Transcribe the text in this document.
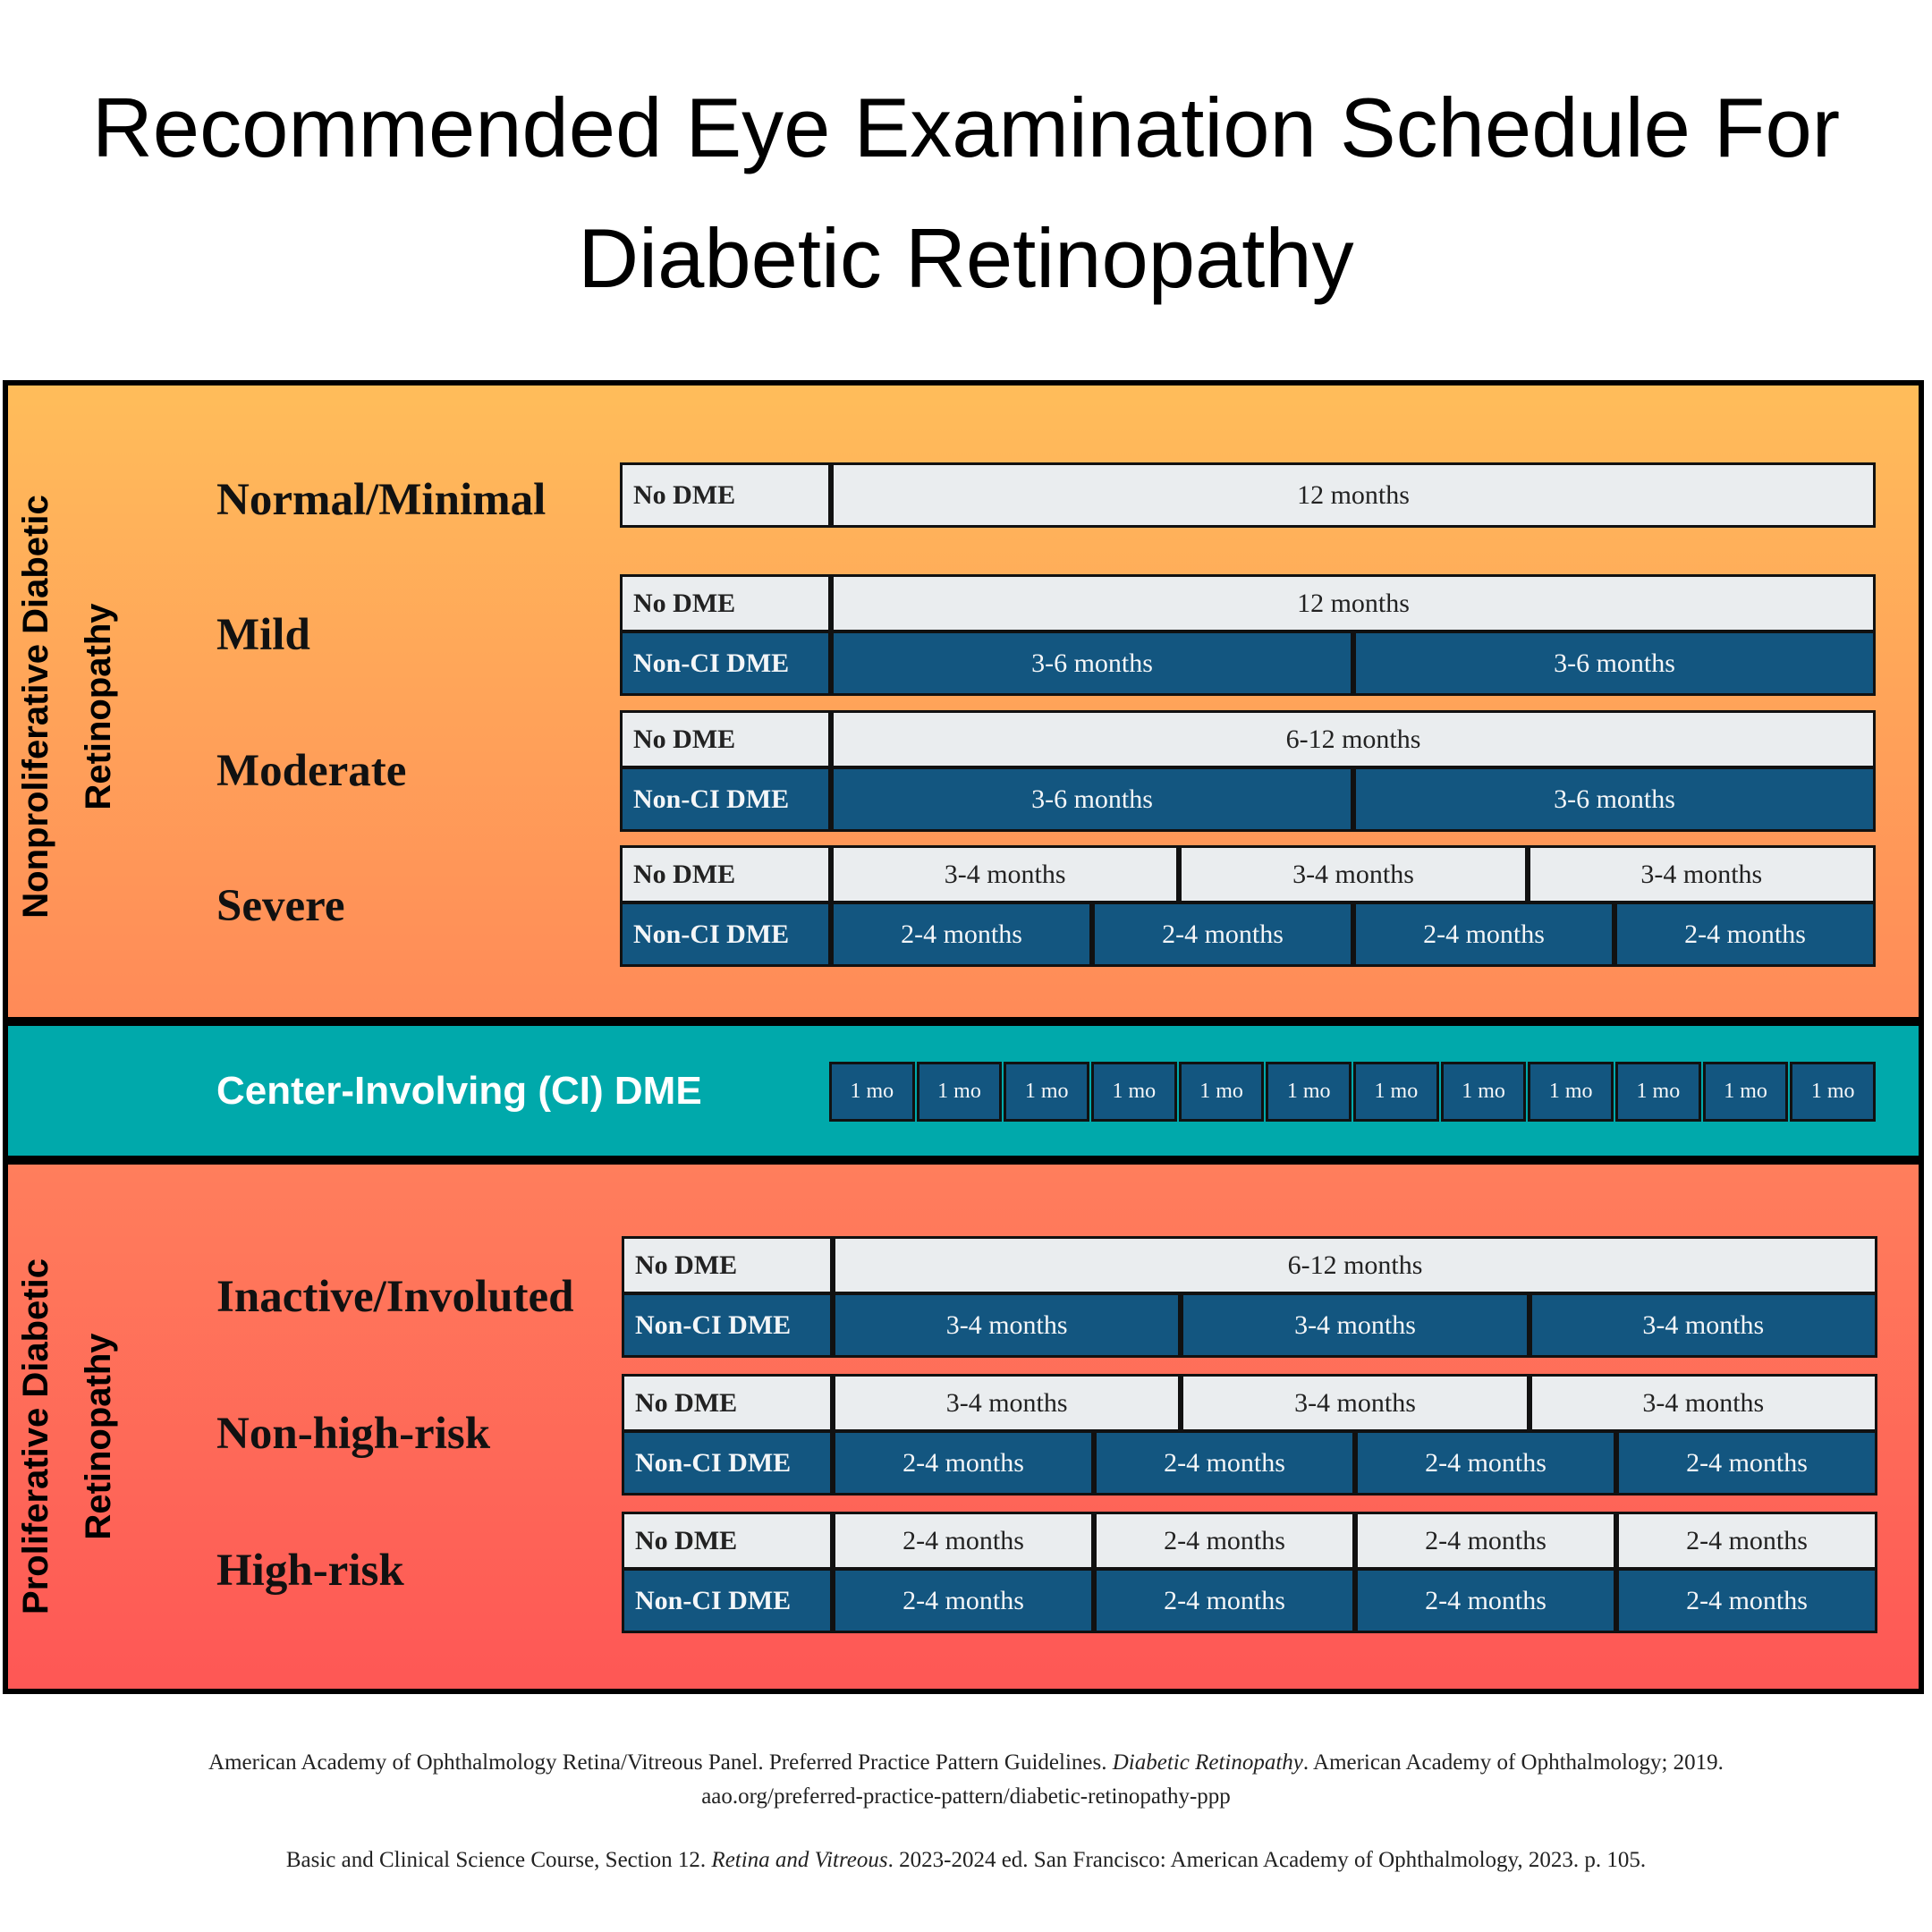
Recommended Eye Examination Schedule For
Diabetic Retinopathy
Nonproliferative Diabetic Retinopathy
Normal/Minimal	No DME	12 months
Mild
No DME	12 months
Non-CI DME	3-6 months	3-6 months
Moderate
No DME	6-12 months
Non-CI DME	3-6 months	3-6 months
Severe
No DME	3-4 months	3-4 months	3-4 months
Non-CI DME	2-4 months	2-4 months	2-4 months	2-4 months
Center-Involving (CI) DME	1 mo	1 mo	1 mo	1 mo	1 mo	1 mo	1 mo	1 mo	1 mo	1 mo	1 mo	1 mo
Proliferative Diabetic Retinopathy
Inactive/Involuted
No DME	6-12 months
Non-CI DME	3-4 months	3-4 months	3-4 months
Non-high-risk
No DME	3-4 months	3-4 months	3-4 months
Non-CI DME	2-4 months	2-4 months	2-4 months	2-4 months
High-risk
No DME	2-4 months	2-4 months	2-4 months	2-4 months
Non-CI DME	2-4 months	2-4 months	2-4 months	2-4 months
American Academy of Ophthalmology Retina/Vitreous Panel. Preferred Practice Pattern Guidelines. Diabetic Retinopathy. American Academy of Ophthalmology; 2019.
aao.org/preferred-practice-pattern/diabetic-retinopathy-ppp
Basic and Clinical Science Course, Section 12. Retina and Vitreous. 2023-2024 ed. San Francisco: American Academy of Ophthalmology, 2023. p. 105.
